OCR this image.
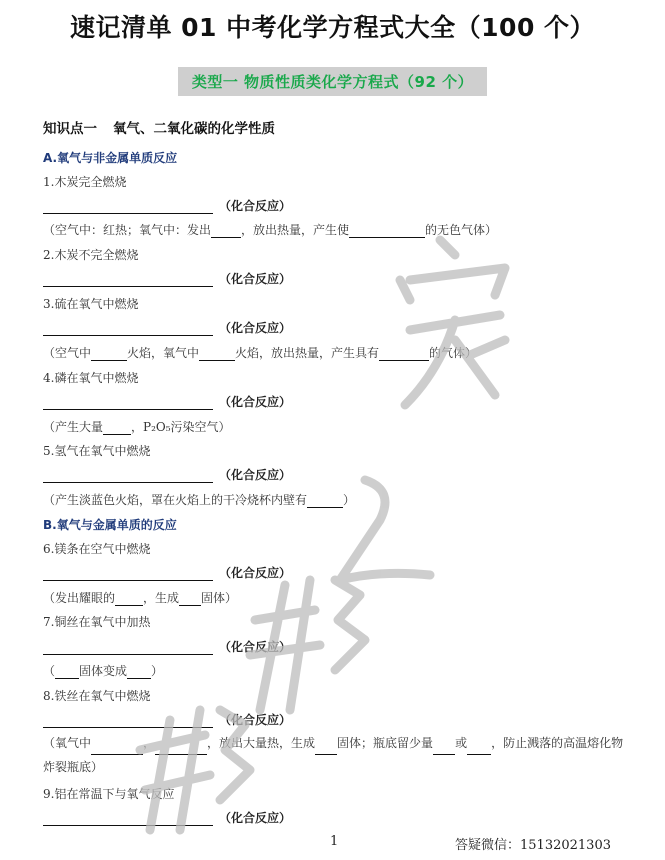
速记清单 01 中考化学方程式大全（100 个）
类型一 物质性质类化学方程式（92 个）
知识点一 氧气、二氧化碳的化学性质
A.氧气与非金属单质反应
1.木炭完全燃烧
（化合反应）
（空气中：红热；氧气中：发出	，放出热量，产生使	的无色气体）
2.木炭不完全燃烧
（化合反应）
3.硫在氧气中燃烧
（化合反应）
（空气中	火焰，氧气中	火焰，放出热量，产生具有	的气体）
4.磷在氧气中燃烧
（化合反应）
（产生大量 ，P₂O₅污染空气）
5.氢气在氧气中燃烧
（化合反应）
（产生淡蓝色火焰，罩在火焰上的干冷烧杯内壁有	）
B.氧气与金属单质的反应
6.镁条在空气中燃烧
（化合反应）
（发出耀眼的 ，生成 固体）
7.铜丝在氧气中加热
（化合反应）
（ 固体变成 ）
8.铁丝在氧气中燃烧
（化合反应）
（氧气中	，	，放出大量热，生成 固体；瓶底留少量 或 ，防止溅落的高温熔化物炸裂瓶底）
9.铝在常温下与氧气反应
（化合反应）
1	答疑微信：15132021303
